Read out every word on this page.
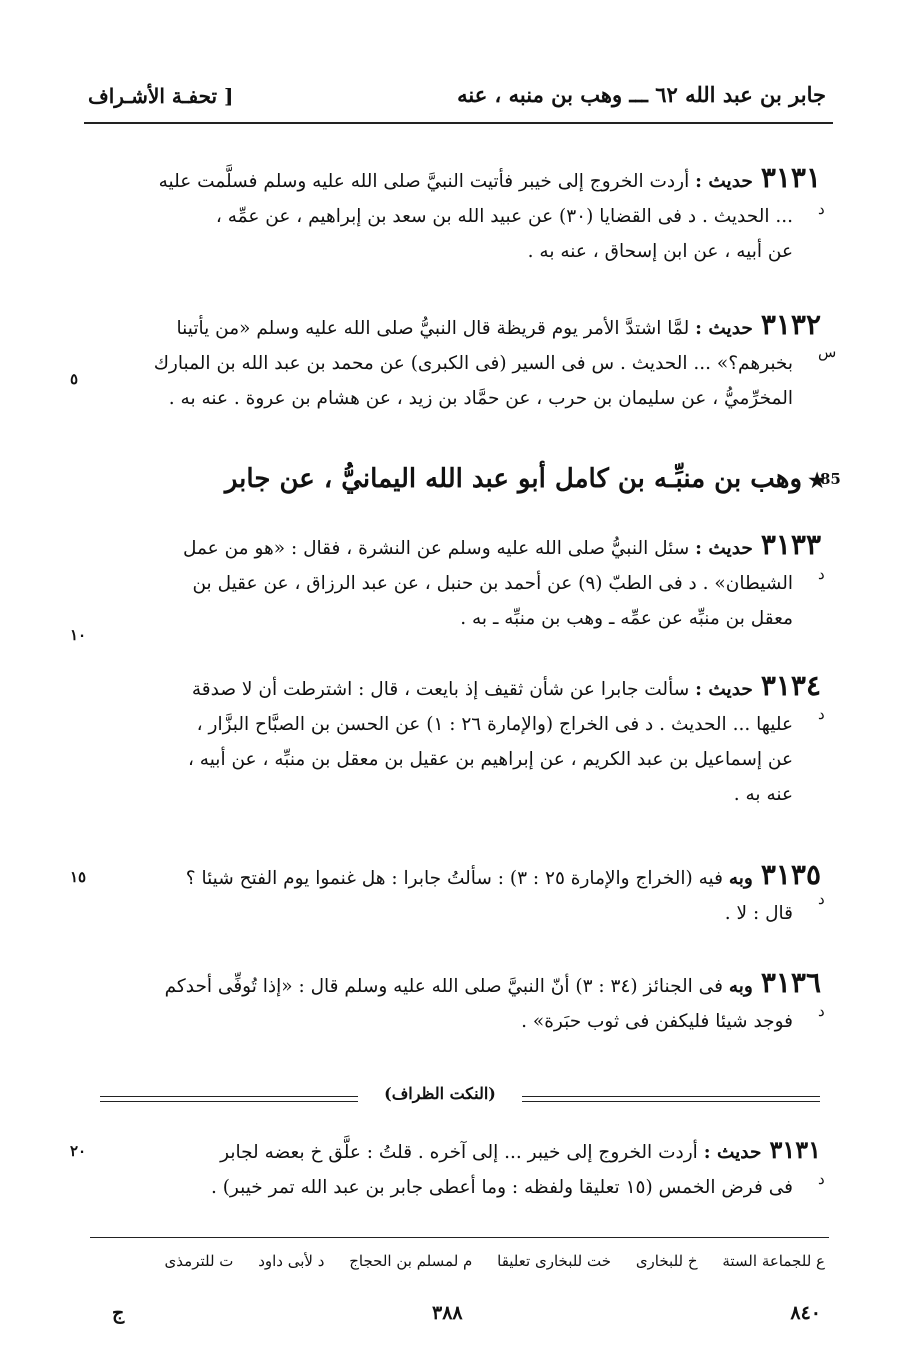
جابر بن عبد الله ٦٢ ـــ وهب بن منبه ، عنه
[ تحفـة الأشـراف
٣١٣١حديث : أردت الخروج إلى خيبر فأتيت النبيَّ صلى الله عليه وسلم فسلَّمت عليه
... الحديث . د فى القضايا (٣٠) عن عبيد الله بن سعد بن إبراهيم ، عن عمِّه ،
عن أبيه ، عن ابن إسحاق ، عنه به .
د
٣١٣٢حديث : لمَّا اشتدَّ الأمر يوم قريظة قال النبيُّ صلى الله عليه وسلم «من يأتينا
بخبرهم؟» ... الحديث . س فى السير (فى الكبرى) عن محمد بن عبد الله بن المبارك
المخرِّميُّ ، عن سليمان بن حرب ، عن حمَّاد بن زيد ، عن هشام بن عروة . عنه به .
س
٥
★وهب بن منبِّـه بن كامل أبو عبد الله اليمانيُّ ، عن جابر	85
٣١٣٣حديث : سئل النبيُّ صلى الله عليه وسلم عن النشرة ، فقال : «هو من عمل
الشيطان» . د فى الطبّ (٩) عن أحمد بن حنبل ، عن عبد الرزاق ، عن عقيل بن
معقل بن منبِّه عن عمِّه ـ وهب بن منبِّه ـ به .
د
١٠
٣١٣٤حديث : سألت جابرا عن شأن ثقيف إذ بايعت ، قال : اشترطت أن لا صدقة
عليها ... الحديث . د فى الخراج (والإمارة ٢٦ : ١) عن الحسن بن الصبَّاح البزَّار ،
عن إسماعيل بن عبد الكريم ، عن إبراهيم بن عقيل بن معقل بن منبِّه ، عن أبيه ،
عنه به .
د
٣١٣٥وبه فيه (الخراج والإمارة ٢٥ : ٣) : سألتُ جابرا : هل غنموا يوم الفتح شيئا ؟
قال : لا .
د
١٥
٣١٣٦وبه فى الجنائز (٣٤ : ٣) أنّ النبيَّ صلى الله عليه وسلم قال : «إذا تُوفِّى أحدكم
فوجد شيئا فليكفن فى ثوب حبَرة» .	د
(النكت الظراف)
٣١٣١حديث : أردت الخروج إلى خيبر ... إلى آخره . قلتُ : علَّق خ بعضه لجابر
فى فرض الخمس (١٥ تعليقا ولفظه : وما أعطى جابر بن عبد الله تمر خيبر) .	د
٢٠
ع للجماعة الستة خ للبخارى خت للبخارى تعليقا م لمسلم بن الحجاج د لأبى داود ت للترمذى
٨٤٠
٣٨٨
ج
